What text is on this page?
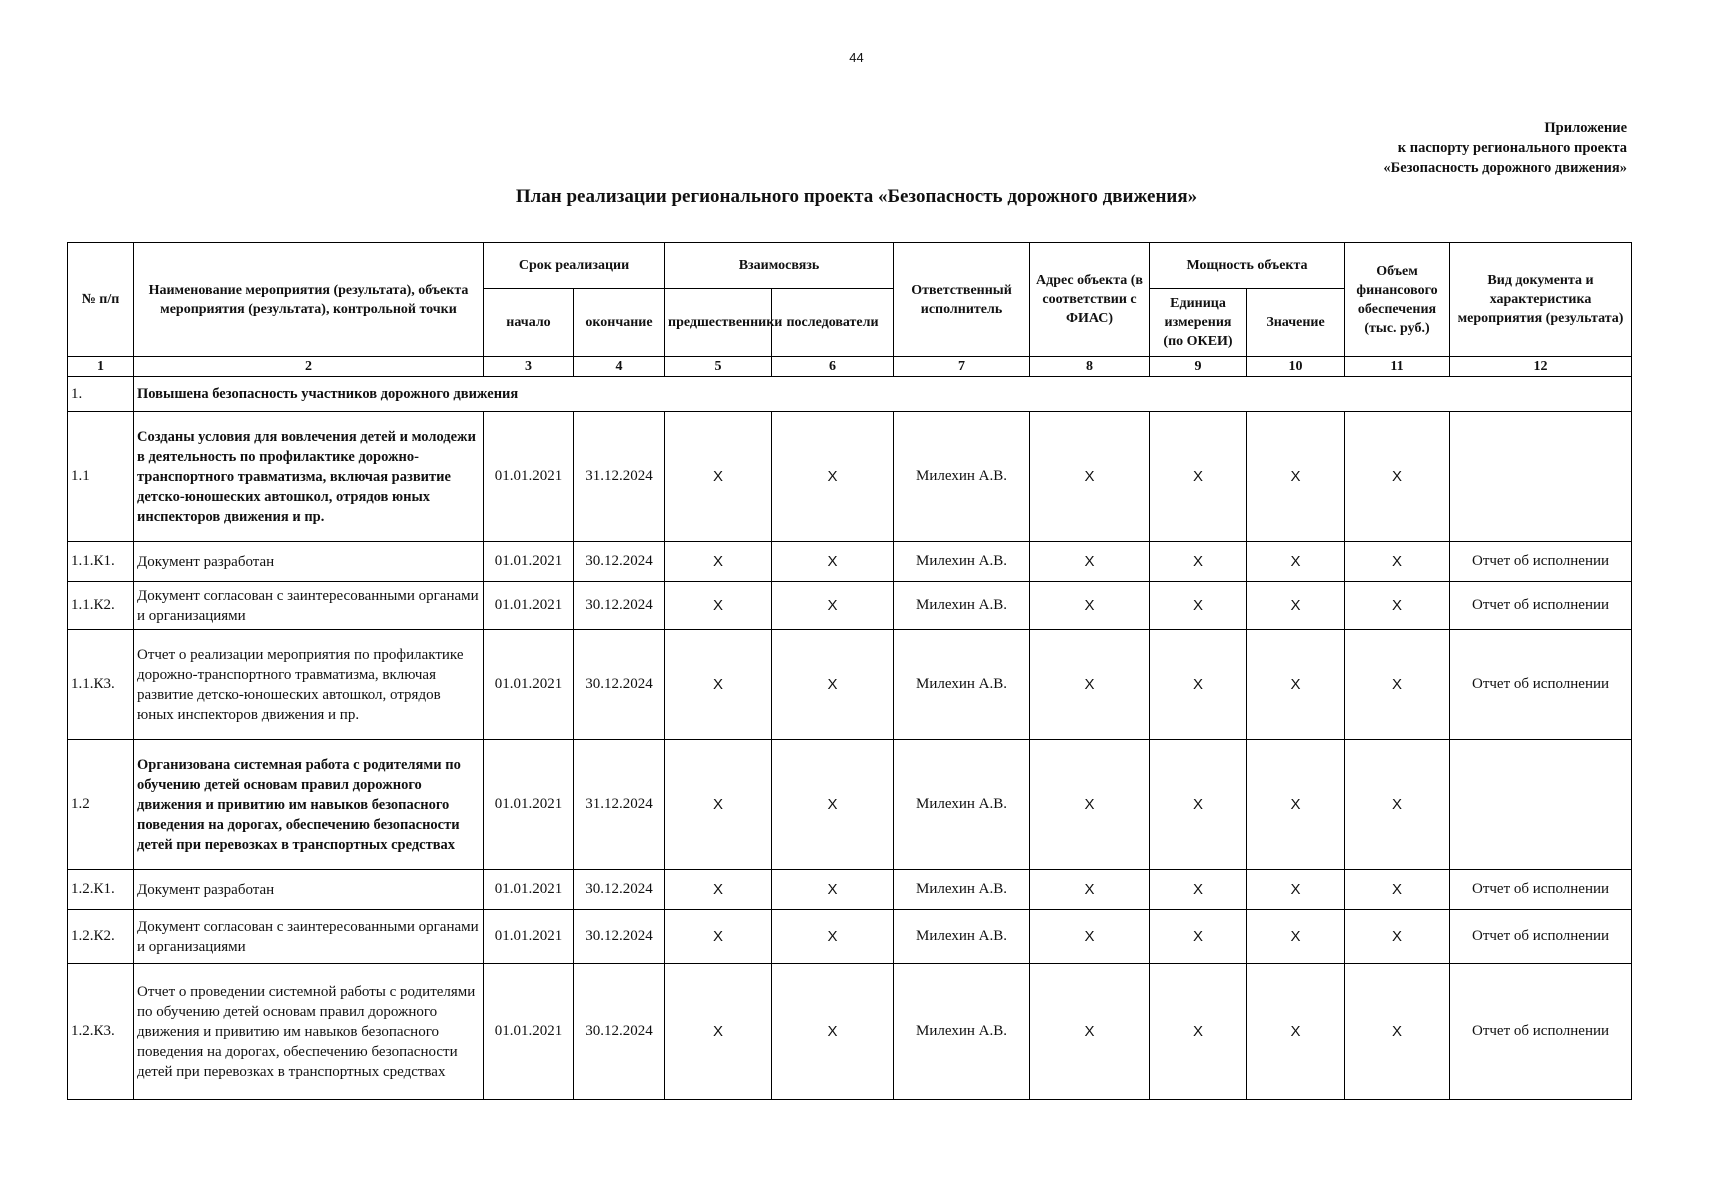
44
Приложение
к паспорту регионального проекта
«Безопасность дорожного движения»
План реализации регионального проекта «Безопасность дорожного движения»
№ п/п	Наименование мероприятия (результата), объекта мероприятия (результата), контрольной точки	Срок реализации		Взаимосвязь		Ответственный исполнитель	Адрес объекта (в соответствии с ФИАС)	Мощность объекта		Объем финансового обеспечения (тыс. руб.)	Вид документа и характеристика мероприятия (результата)
		начало	окончание	предшественники	последователи			Единица измерения (по ОКЕИ)	Значение		
1	2	3	4	5	6	7	8	9	10	11	12
1.	Повышена безопасность участников дорожного движения										
1.1	Созданы условия для вовлечения детей и молодежи в деятельность по профилактике дорожно-транспортного травматизма, включая развитие детско-юношеских автошкол, отрядов юных инспекторов движения и пр.	01.01.2021	31.12.2024	X	X	Милехин А.В.	X	X	X	X	
1.1.К1.	Документ разработан	01.01.2021	30.12.2024	X	X	Милехин А.В.	X	X	X	X	Отчет об исполнении
1.1.К2.	Документ согласован с заинтересованными органами и организациями	01.01.2021	30.12.2024	X	X	Милехин А.В.	X	X	X	X	Отчет об исполнении
1.1.К3.	Отчет о реализации мероприятия по профилактике дорожно-транспортного травматизма, включая развитие детско-юношеских автошкол, отрядов юных инспекторов движения и пр.	01.01.2021	30.12.2024	X	X	Милехин А.В.	X	X	X	X	Отчет об исполнении
1.2	Организована системная работа с родителями по обучению детей основам правил дорожного движения и привитию им навыков безопасного поведения на дорогах, обеспечению безопасности детей при перевозках в транспортных средствах	01.01.2021	31.12.2024	X	X	Милехин А.В.	X	X	X	X	
1.2.К1.	Документ разработан	01.01.2021	30.12.2024	X	X	Милехин А.В.	X	X	X	X	Отчет об исполнении
1.2.К2.	Документ согласован с заинтересованными органами и организациями	01.01.2021	30.12.2024	X	X	Милехин А.В.	X	X	X	X	Отчет об исполнении
1.2.К3.	Отчет о проведении системной работы с родителями по обучению детей основам правил дорожного движения и привитию им навыков безопасного поведения на дорогах, обеспечению безопасности детей при перевозках в транспортных средствах	01.01.2021	30.12.2024	X	X	Милехин А.В.	X	X	X	X	Отчет об исполнении
